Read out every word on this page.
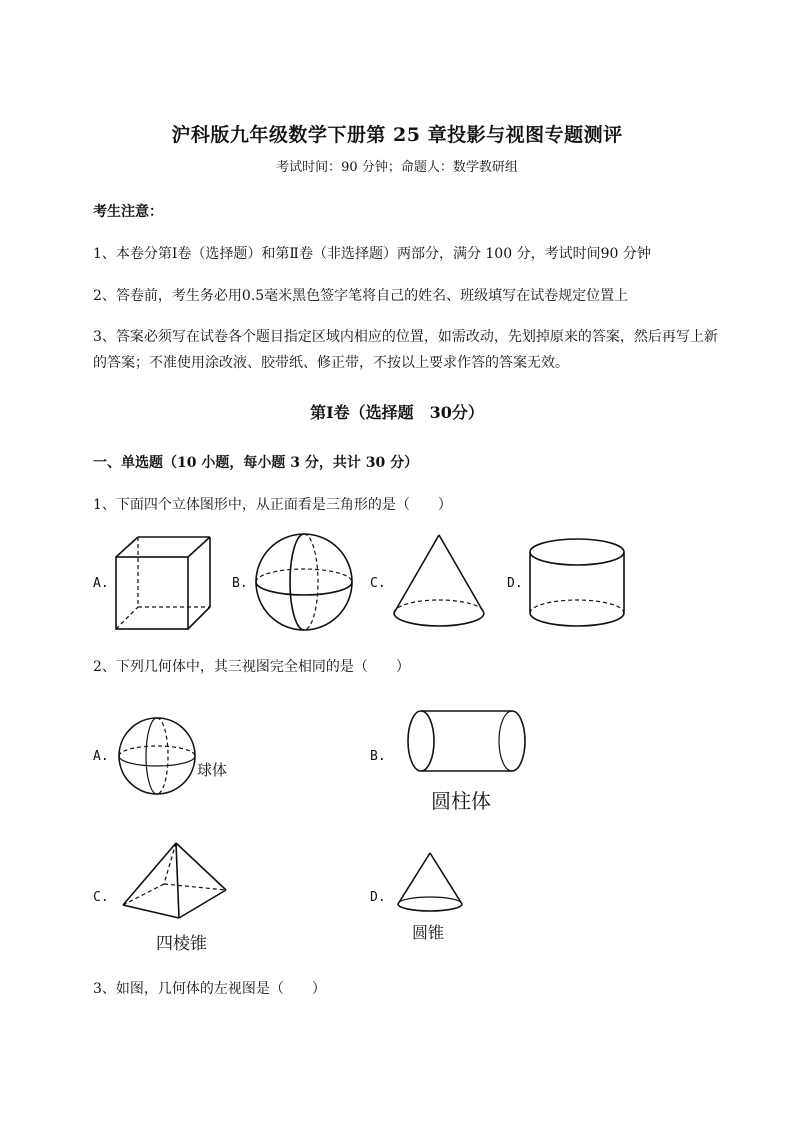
沪科版九年级数学下册第 25 章投影与视图专题测评
考试时间：90 分钟；命题人：数学教研组
考生注意：
1、本卷分第Ⅰ卷（选择题）和第Ⅱ卷（非选择题）两部分，满分 100 分，考试时间90 分钟
2、答卷前，考生务必用0.5毫米黑色签字笔将自己的姓名、班级填写在试卷规定位置上
3、答案必须写在试卷各个题目指定区域内相应的位置，如需改动，先划掉原来的答案，然后再写上新
的答案；不准使用涂改液、胶带纸、修正带，不按以上要求作答的答案无效。
第Ⅰ卷（选择题　30分）
一、单选题（10 小题，每小题 3 分，共计 30 分）
1、下面四个立体图形中，从正面看是三角形的是（　　）
A.	B.	C.	D.
2、下列几何体中，其三视图完全相同的是（　　）
A.
球体
B.
圆柱体
C.
四棱锥
D.
圆锥
3、如图，几何体的左视图是（　　）
